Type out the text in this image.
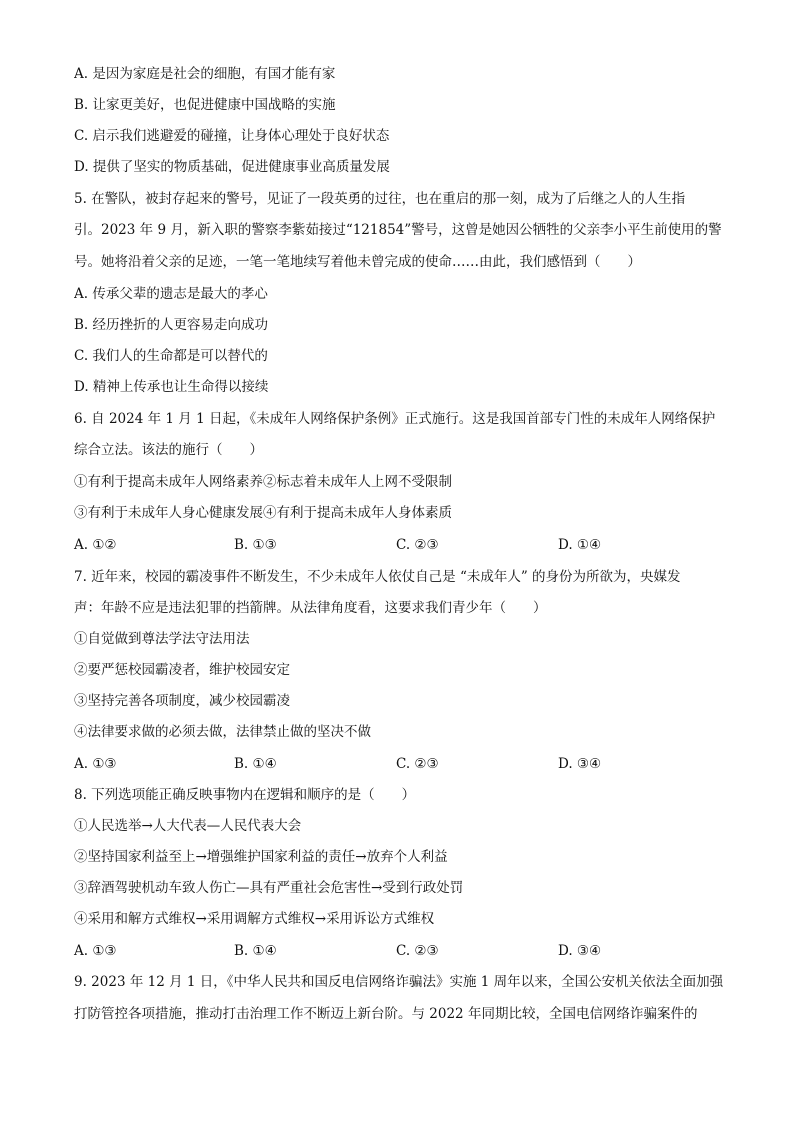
A. 是因为家庭是社会的细胞，有国才能有家
B. 让家更美好，也促进健康中国战略的实施
C. 启示我们逃避爱的碰撞，让身体心理处于良好状态
D. 提供了坚实的物质基础，促进健康事业高质量发展
5. 在警队，被封存起来的警号，见证了一段英勇的过往，也在重启的那一刻，成为了后继之人的人生指
引。2023 年 9 月，新入职的警察李紫茹接过“121854”警号，这曾是她因公牺牲的父亲李小平生前使用的警
号。她将沿着父亲的足迹，一笔一笔地续写着他未曾完成的使命……由此，我们感悟到（　　）
A. 传承父辈的遗志是最大的孝心
B. 经历挫折的人更容易走向成功
C. 我们人的生命都是可以替代的
D. 精神上传承也让生命得以接续
6. 自 2024 年 1 月 1 日起，《未成年人网络保护条例》正式施行。这是我国首部专门性的未成年人网络保护
综合立法。该法的施行（　　）
①有利于提高未成年人网络素养②标志着未成年人上网不受限制
③有利于未成年人身心健康发展④有利于提高未成年人身体素质
A. ①②	B. ①③	C. ②③	D. ①④
7. 近年来，校园的霸凌事件不断发生，不少未成年人依仗自己是 “未成年人” 的身份为所欲为，央媒发
声：年龄不应是违法犯罪的挡箭牌。从法律角度看，这要求我们青少年（　　）
①自觉做到尊法学法守法用法
②要严惩校园霸凌者，维护校园安定
③坚持完善各项制度，减少校园霸凌
④法律要求做的必须去做，法律禁止做的坚决不做
A. ①③	B. ①④	C. ②③	D. ③④
8. 下列选项能正确反映事物内在逻辑和顺序的是（　　）
①人民选举→人大代表—人民代表大会
②坚持国家利益至上→增强维护国家利益的责任→放弃个人利益
③辞酒驾驶机动车致人伤亡—具有严重社会危害性→受到行政处罚
④采用和解方式维权→采用调解方式维权→采用诉讼方式维权
A. ①③	B. ①④	C. ②③	D. ③④
9. 2023 年 12 月 1 日，《中华人民共和国反电信网络诈骗法》实施 1 周年以来，全国公安机关依法全面加强
打防管控各项措施，推动打击治理工作不断迈上新台阶。与 2022 年同期比较，全国电信网络诈骗案件的
